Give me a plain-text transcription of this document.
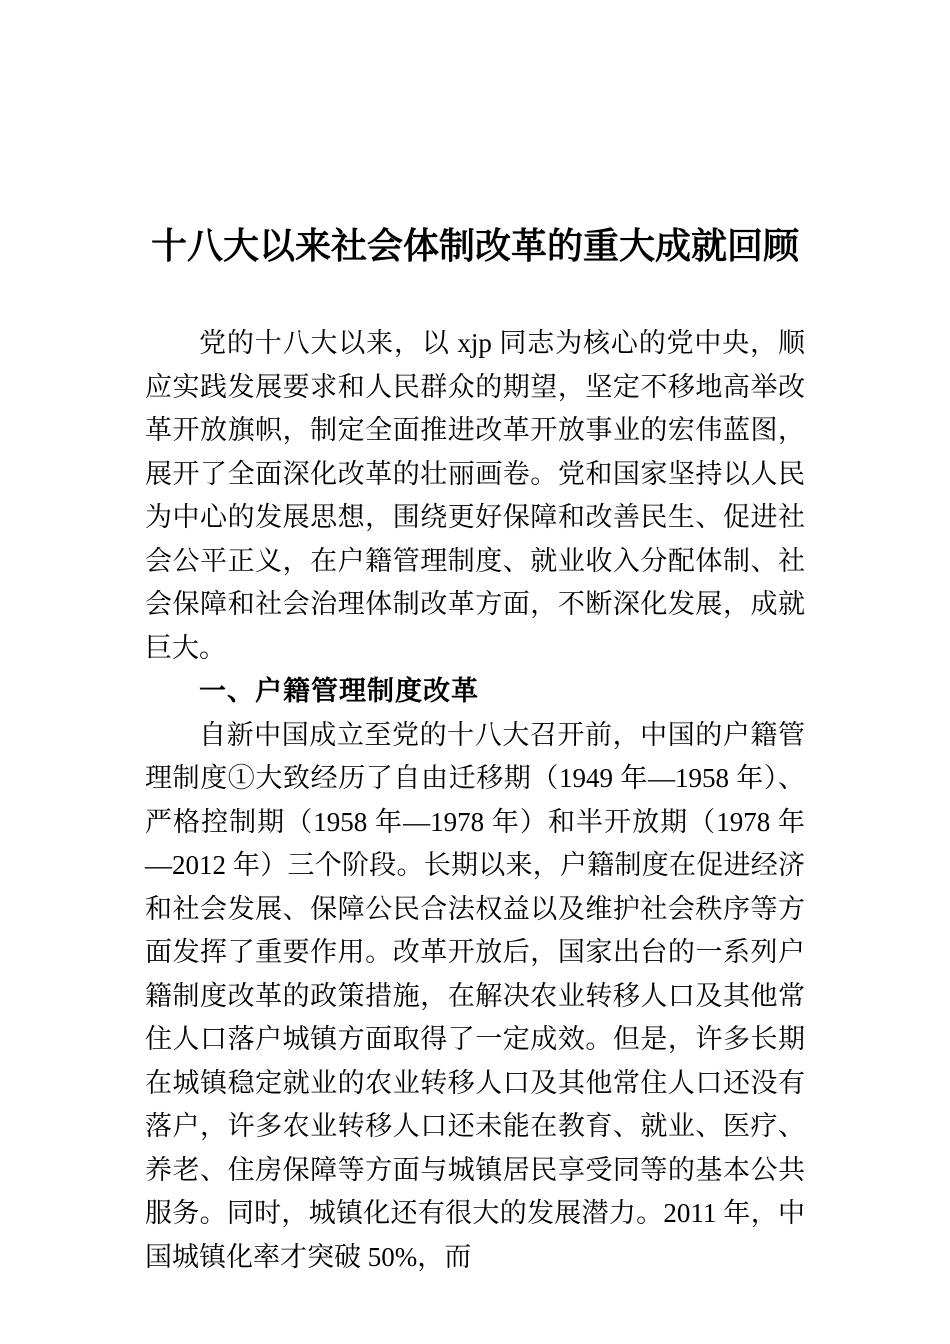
十八大以来社会体制改革的重大成就回顾

党的十八大以来，以 xjp 同志为核心的党中央，顺应实践发展要求和人民群众的期望，坚定不移地高举改革开放旗帜，制定全面推进改革开放事业的宏伟蓝图，展开了全面深化改革的壮丽画卷。党和国家坚持以人民为中心的发展思想，围绕更好保障和改善民生、促进社会公平正义，在户籍管理制度、就业收入分配体制、社会保障和社会治理体制改革方面，不断深化发展，成就巨大。

一、户籍管理制度改革

自新中国成立至党的十八大召开前，中国的户籍管理制度①大致经历了自由迁移期（1949 年—1958 年）、严格控制期（1958 年—1978 年）和半开放期（1978 年—2012 年）三个阶段。长期以来，户籍制度在促进经济和社会发展、保障公民合法权益以及维护社会秩序等方面发挥了重要作用。改革开放后，国家出台的一系列户籍制度改革的政策措施，在解决农业转移人口及其他常住人口落户城镇方面取得了一定成效。但是，许多长期在城镇稳定就业的农业转移人口及其他常住人口还没有落户，许多农业转移人口还未能在教育、就业、医疗、养老、住房保障等方面与城镇居民享受同等的基本公共服务。同时，城镇化还有很大的发展潜力。2011 年，中国城镇化率才突破 50%，而
